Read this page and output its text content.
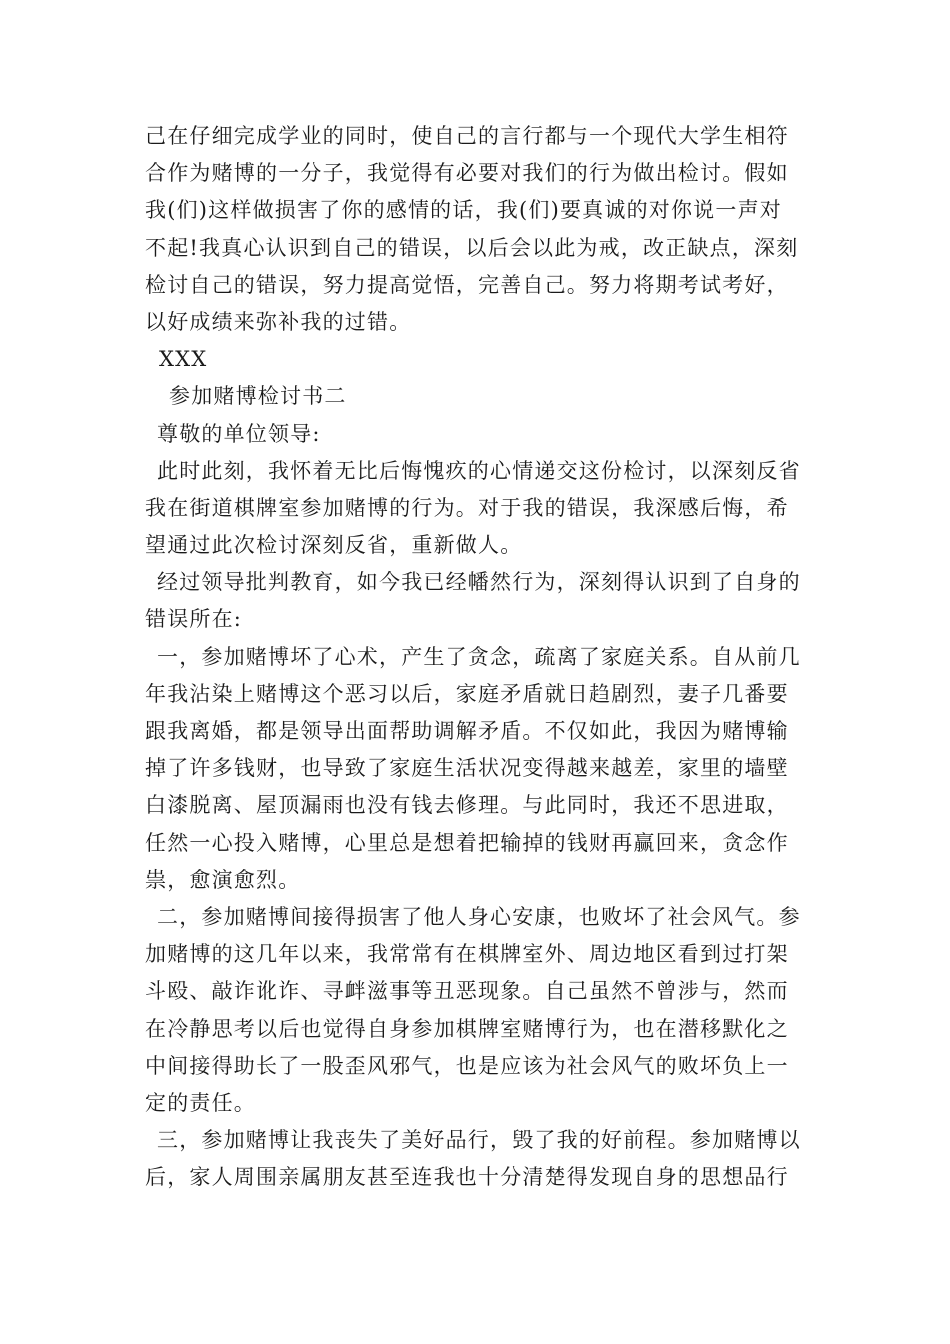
己在仔细完成学业的同时，使自己的言行都与一个现代大学生相符
合作为赌博的一分子，我觉得有必要对我们的行为做出检讨。假如
我(们)这样做损害了你的感情的话，我(们)要真诚的对你说一声对
不起!我真心认识到自己的错误，以后会以此为戒，改正缺点，深刻
检讨自己的错误，努力提高觉悟，完善自己。努力将期考试考好，
以好成绩来弥补我的过错。
XXX
参加赌博检讨书二
尊敬的单位领导:
此时此刻，我怀着无比后悔愧疚的心情递交这份检讨，以深刻反省
我在街道棋牌室参加赌博的行为。对于我的错误，我深感后悔，希
望通过此次检讨深刻反省，重新做人。
经过领导批判教育，如今我已经幡然行为，深刻得认识到了自身的
错误所在:
一，参加赌博坏了心术，产生了贪念，疏离了家庭关系。自从前几
年我沾染上赌博这个恶习以后，家庭矛盾就日趋剧烈，妻子几番要
跟我离婚，都是领导出面帮助调解矛盾。不仅如此，我因为赌博输
掉了许多钱财，也导致了家庭生活状况变得越来越差，家里的墙壁
白漆脱离、屋顶漏雨也没有钱去修理。与此同时，我还不思进取，
任然一心投入赌博，心里总是想着把输掉的钱财再赢回来，贪念作
祟，愈演愈烈。
二，参加赌博间接得损害了他人身心安康，也败坏了社会风气。参
加赌博的这几年以来，我常常有在棋牌室外、周边地区看到过打架
斗殴、敲诈讹诈、寻衅滋事等丑恶现象。自己虽然不曾涉与，然而
在冷静思考以后也觉得自身参加棋牌室赌博行为，也在潜移默化之
中间接得助长了一股歪风邪气，也是应该为社会风气的败坏负上一
定的责任。
三，参加赌博让我丧失了美好品行，毁了我的好前程。参加赌博以
后，家人周围亲属朋友甚至连我也十分清楚得发现自身的思想品行
